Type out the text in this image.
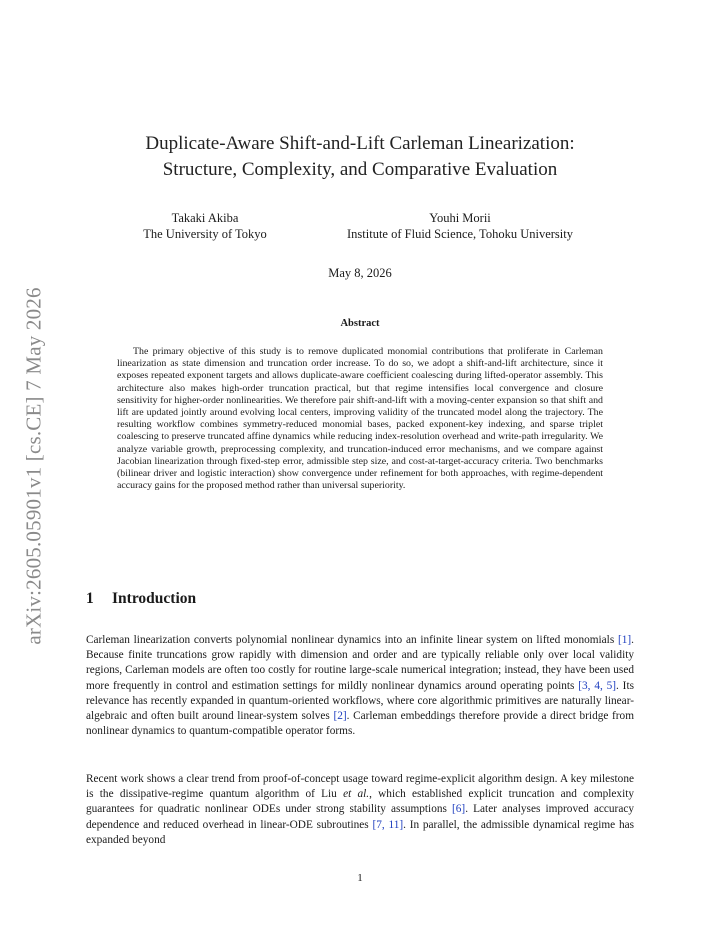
arXiv:2605.05901v1 [cs.CE] 7 May 2026
Duplicate-Aware Shift-and-Lift Carleman Linearization:
Structure, Complexity, and Comparative Evaluation
Takaki Akiba
The University of Tokyo
Youhi Morii
Institute of Fluid Science, Tohoku University
May 8, 2026
Abstract

The primary objective of this study is to remove duplicated monomial contributions that proliferate in Carleman linearization as state dimension and truncation order increase. To do so, we adopt a shift-and-lift architecture, since it exposes repeated exponent targets and allows duplicate-aware coefficient coalescing during lifted-operator assembly. This architecture also makes high-order truncation practical, but that regime intensifies local convergence and closure sensitivity for higher-order nonlinearities. We therefore pair shift-and-lift with a moving-center expansion so that shift and lift are updated jointly around evolving local centers, improving validity of the truncated model along the trajectory. The resulting workflow combines symmetry-reduced monomial bases, packed exponent-key indexing, and sparse triplet coalescing to preserve truncated affine dynamics while reducing index-resolution overhead and write-path irregularity. We analyze variable growth, preprocessing complexity, and truncation-induced error mechanisms, and we compare against Jacobian linearization through fixed-step error, admissible step size, and cost-at-target-accuracy criteria. Two benchmarks (bilinear driver and logistic interaction) show convergence under refinement for both approaches, with regime-dependent accuracy gains for the proposed method rather than universal superiority.

1 Introduction

Carleman linearization converts polynomial nonlinear dynamics into an infinite linear system on lifted monomials [1]. Because finite truncations grow rapidly with dimension and order and are typically reliable only over local validity regions, Carleman models are often too costly for routine large-scale numerical integration; instead, they have been used more frequently in control and estimation settings for mildly nonlinear dynamics around operating points [3, 4, 5]. Its relevance has recently expanded in quantum-oriented workflows, where core algorithmic primitives are naturally linear-algebraic and often built around linear-system solves [2]. Carleman embeddings therefore provide a direct bridge from nonlinear dynamics to quantum-compatible operator forms.

Recent work shows a clear trend from proof-of-concept usage toward regime-explicit algorithm design. A key milestone is the dissipative-regime quantum algorithm of Liu et al., which established explicit truncation and complexity guarantees for quadratic nonlinear ODEs under strong stability assumptions [6]. Later analyses improved accuracy dependence and reduced overhead in linear-ODE subroutines [7, 11]. In parallel, the admissible dynamical regime has expanded beyond

1
